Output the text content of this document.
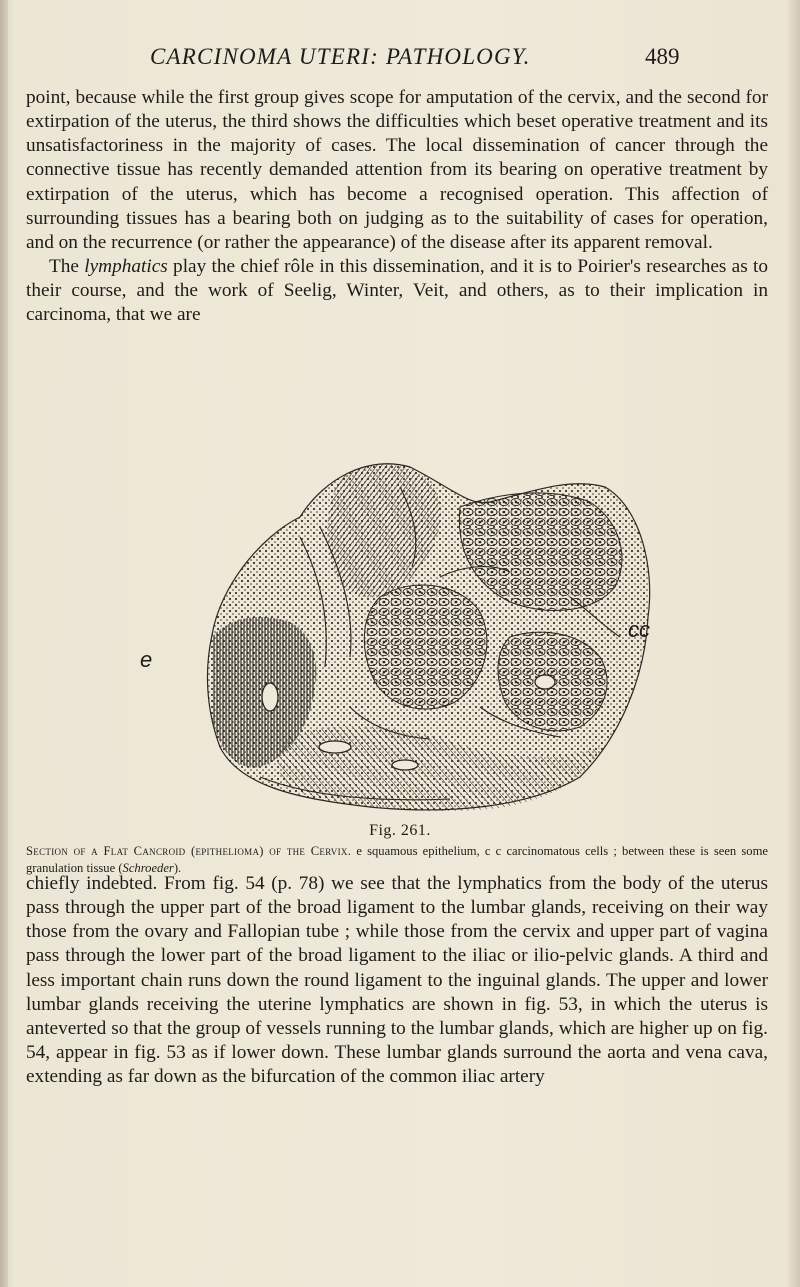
CARCINOMA UTERI: PATHOLOGY.	489

point, because while the first group gives scope for amputation of the cervix, and the second for extirpation of the uterus, the third shows the difficulties which beset operative treatment and its unsatisfactoriness in the majority of cases. The local dissemination of cancer through the connective tissue has recently demanded attention from its bearing on operative treatment by extirpation of the uterus, which has become a recognised operation. This affection of surrounding tissues has a bearing both on judging as to the suitability of cases for operation, and on the recurrence (or rather the appearance) of the disease after its apparent removal.

The lymphatics play the chief rôle in this dissemination, and it is to Poirier's researches as to their course, and the work of Seelig, Winter, Veit, and others, as to their implication in carcinoma, that we are

e
cc
Fig. 261.
Section of a Flat Cancroid (epithelioma) of the Cervix. e squamous epithelium, c c carcinomatous cells ; between these is seen some granulation tissue (Schroeder).

chiefly indebted. From fig. 54 (p. 78) we see that the lymphatics from the body of the uterus pass through the upper part of the broad ligament to the lumbar glands, receiving on their way those from the ovary and Fallopian tube ; while those from the cervix and upper part of vagina pass through the lower part of the broad ligament to the iliac or ilio-pelvic glands. A third and less important chain runs down the round ligament to the inguinal glands. The upper and lower lumbar glands receiving the uterine lymphatics are shown in fig. 53, in which the uterus is anteverted so that the group of vessels running to the lumbar glands, which are higher up on fig. 54, appear in fig. 53 as if lower down. These lumbar glands surround the aorta and vena cava, extending as far down as the bifurcation of the common iliac artery
